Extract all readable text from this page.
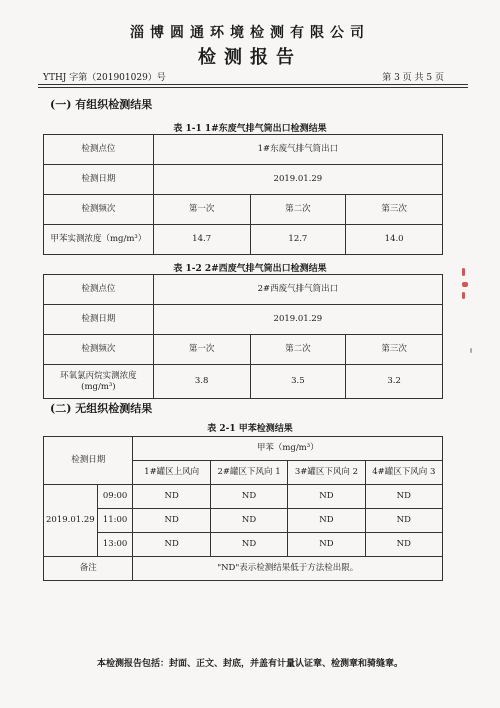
淄博圆通环境检测有限公司
检测报告
YTHJ 字第（201901029）号	第 3 页 共 5 页
(一) 有组织检测结果
表 1-1 1#东废气排气筒出口检测结果
检测点位	1#东废气排气筒出口		
检测日期	2019.01.29		
检测频次	第一次	第二次	第三次
甲苯实测浓度（mg/m³）	14.7	12.7	14.0
表 1-2 2#西废气排气筒出口检测结果
检测点位	2#西废气排气筒出口		
检测日期	2019.01.29		
检测频次	第一次	第二次	第三次

环氧氯丙烷实测浓度
(mg/m³)	3.8	3.5	3.2
(二) 无组织检测结果
表 2-1 甲苯检测结果
检测日期		甲苯（mg/m³）			
		1#罐区上风向	2#罐区下风向 1	3#罐区下风向 2	4#罐区下风向 3
2019.01.29	09:00	ND	ND	ND	ND
	11:00	ND	ND	ND	ND
	13:00	ND	ND	ND	ND
备注		"ND"表示检测结果低于方法检出限。			
本检测报告包括：封面、正文、封底，并盖有计量认证章、检测章和骑缝章。
